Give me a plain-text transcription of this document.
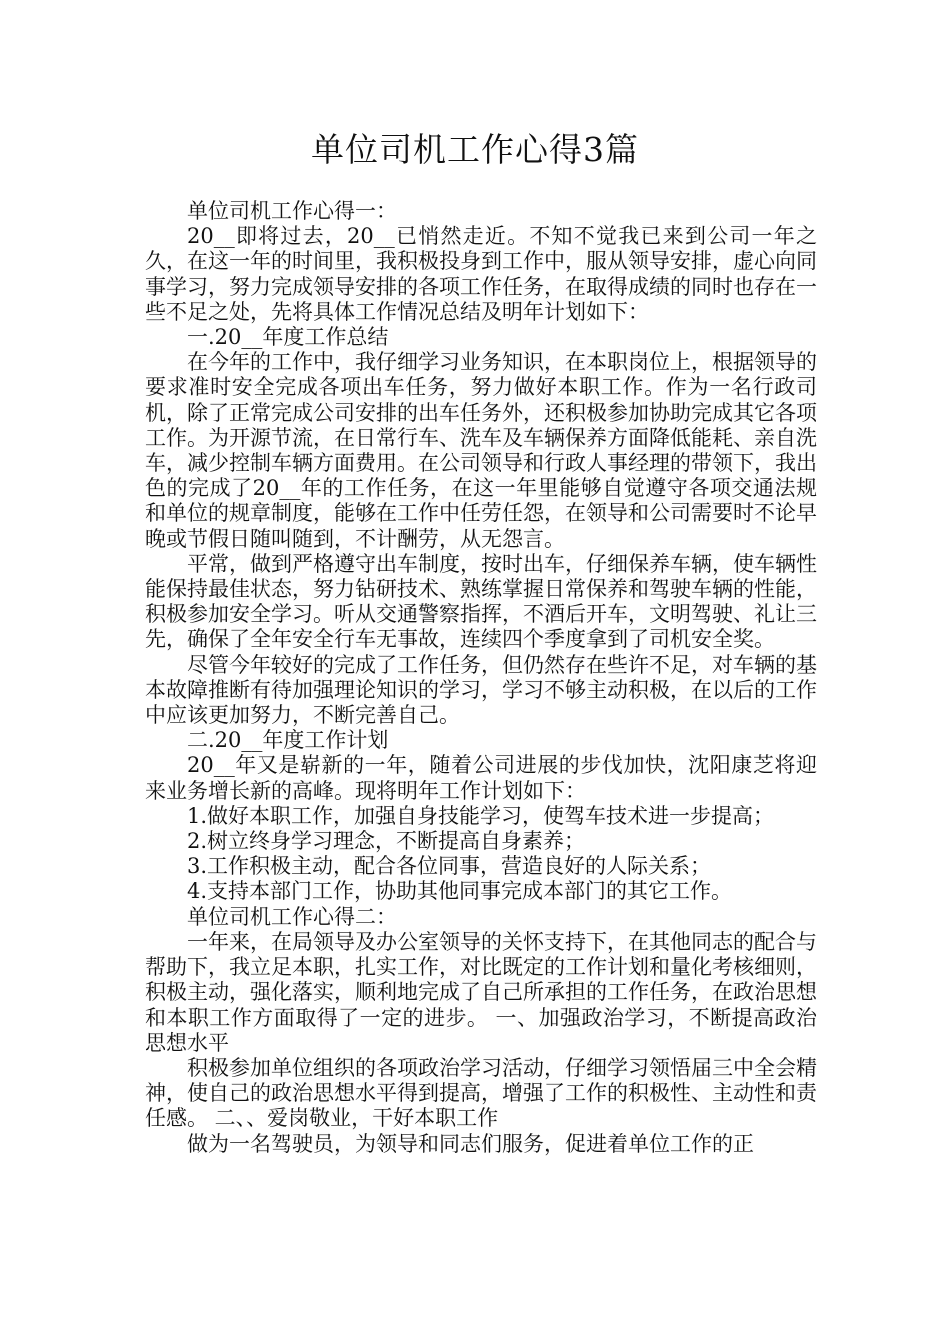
单位司机工作心得3篇

单位司机工作心得一：

20__即将过去，20__已悄然走近。不知不觉我已来到公司一年之久，在这一年的时间里，我积极投身到工作中，服从领导安排，虚心向同事学习，努力完成领导安排的各项工作任务，在取得成绩的同时也存在一些不足之处，先将具体工作情况总结及明年计划如下：

一.20__年度工作总结

在今年的工作中，我仔细学习业务知识，在本职岗位上，根据领导的要求准时安全完成各项出车任务，努力做好本职工作。作为一名行政司机，除了正常完成公司安排的出车任务外，还积极参加协助完成其它各项工作。为开源节流，在日常行车、洗车及车辆保养方面降低能耗、亲自洗车，减少控制车辆方面费用。在公司领导和行政人事经理的带领下，我出色的完成了20__年的工作任务，在这一年里能够自觉遵守各项交通法规和单位的规章制度，能够在工作中任劳任怨，在领导和公司需要时不论早晚或节假日随叫随到，不计酬劳，从无怨言。

平常，做到严格遵守出车制度，按时出车，仔细保养车辆，使车辆性能保持最佳状态，努力钻研技术、熟练掌握日常保养和驾驶车辆的性能，积极参加安全学习。听从交通警察指挥，不酒后开车，文明驾驶、礼让三先，确保了全年安全行车无事故，连续四个季度拿到了司机安全奖。

尽管今年较好的完成了工作任务，但仍然存在些许不足，对车辆的基本故障推断有待加强理论知识的学习，学习不够主动积极，在以后的工作中应该更加努力，不断完善自己。

二.20__年度工作计划

20__年又是崭新的一年，随着公司进展的步伐加快，沈阳康芝将迎来业务增长新的高峰。现将明年工作计划如下：

1.做好本职工作，加强自身技能学习，使驾车技术进一步提高；

2.树立终身学习理念，不断提高自身素养；

3.工作积极主动，配合各位同事，营造良好的人际关系；

4.支持本部门工作，协助其他同事完成本部门的其它工作。

单位司机工作心得二：

一年来，在局领导及办公室领导的关怀支持下，在其他同志的配合与帮助下，我立足本职，扎实工作，对比既定的工作计划和量化考核细则，积极主动，强化落实，顺利地完成了自己所承担的工作任务，在政治思想和本职工作方面取得了一定的进步。 一、加强政治学习，不断提高政治思想水平

积极参加单位组织的各项政治学习活动，仔细学习领悟届三中全会精神，使自己的政治思想水平得到提高，增强了工作的积极性、主动性和责任感。 二、、爱岗敬业，干好本职工作

做为一名驾驶员，为领导和同志们服务，促进着单位工作的正
